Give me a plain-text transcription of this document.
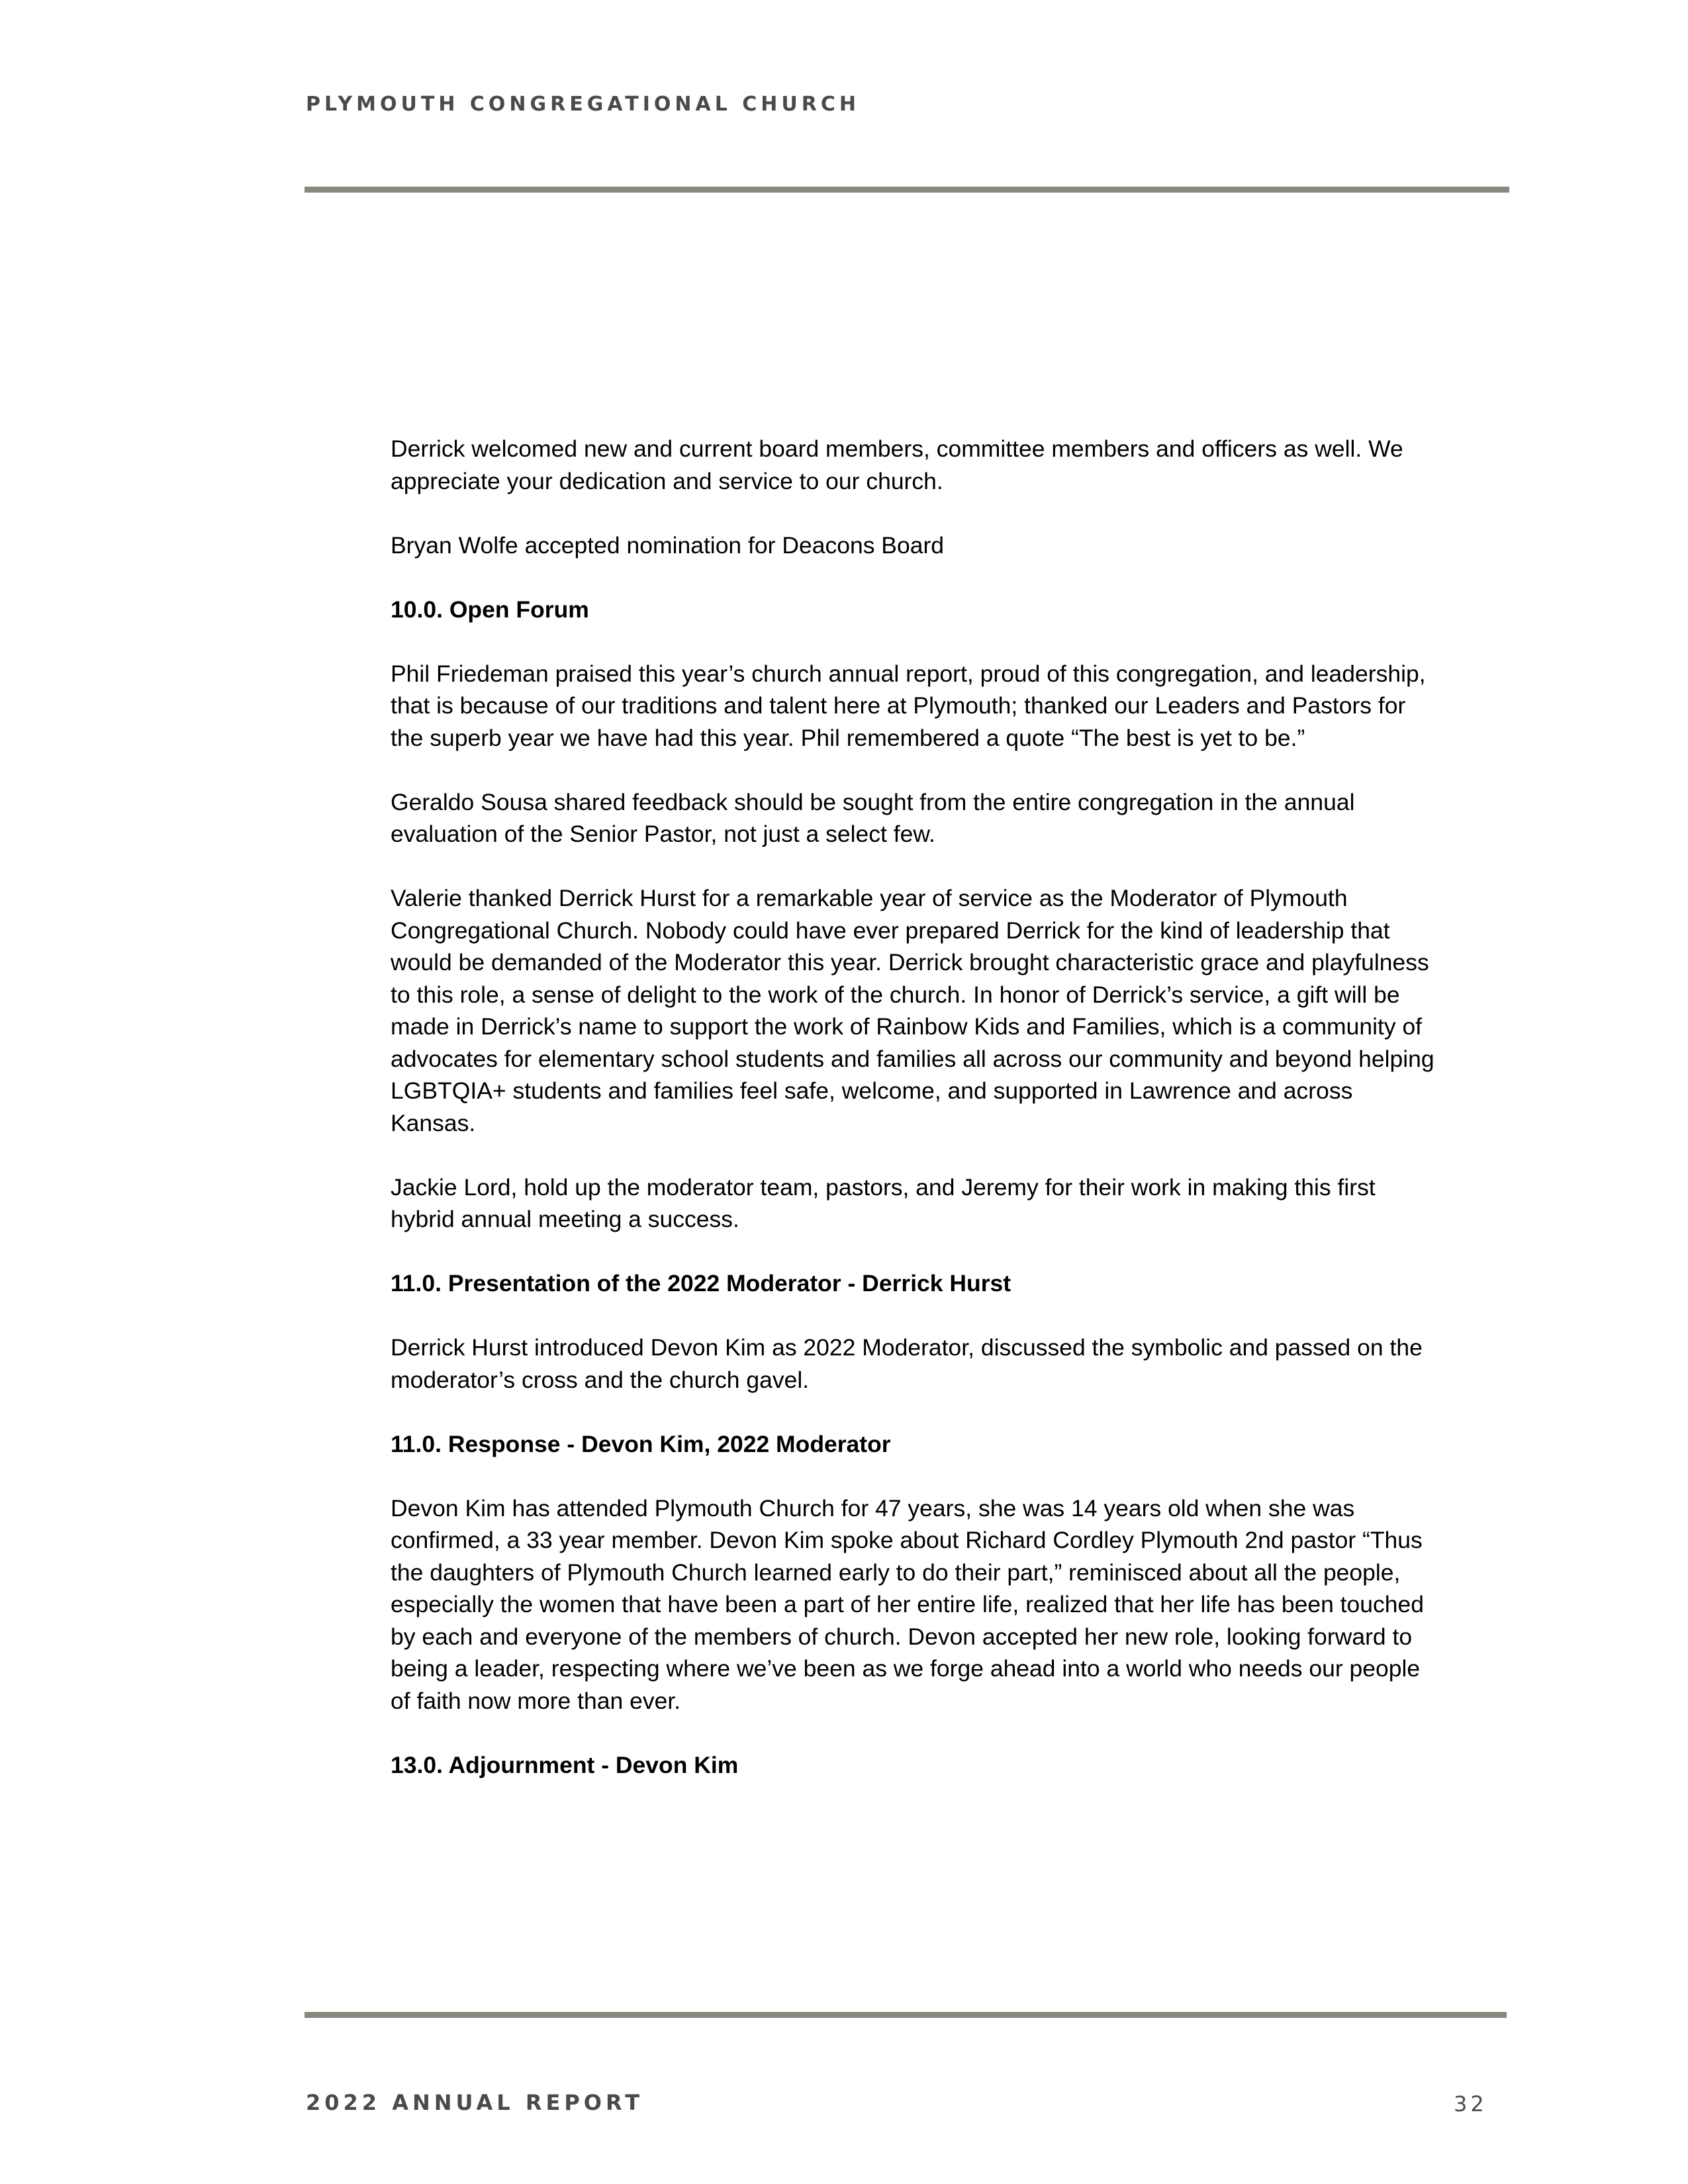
PLYMOUTH CONGREGATIONAL CHURCH

Derrick welcomed new and current board members, committee members and officers as well. We appreciate your dedication and service to our church.

Bryan Wolfe accepted nomination for Deacons Board

10.0. Open Forum

Phil Friedeman praised this year’s church annual report, proud of this congregation, and leadership, that is because of our traditions and talent here at Plymouth; thanked our Leaders and Pastors for the superb year we have had this year. Phil remembered a quote “The best is yet to be.”

Geraldo Sousa shared feedback should be sought from the entire congregation in the annual evaluation of the Senior Pastor, not just a select few.

Valerie thanked Derrick Hurst for a remarkable year of service as the Moderator of Plymouth Congregational Church. Nobody could have ever prepared Derrick for the kind of leadership that would be demanded of the Moderator this year. Derrick brought characteristic grace and playfulness to this role, a sense of delight to the work of the church. In honor of Derrick’s service, a gift will be made in Derrick’s name to support the work of Rainbow Kids and Families, which is a community of advocates for elementary school students and families all across our community and beyond helping LGBTQIA+ students and families feel safe, welcome, and supported in Lawrence and across Kansas.

Jackie Lord, hold up the moderator team, pastors, and Jeremy for their work in making this first hybrid annual meeting a success.

11.0. Presentation of the 2022 Moderator - Derrick Hurst

Derrick Hurst introduced Devon Kim as 2022 Moderator, discussed the symbolic and passed on the moderator’s cross and the church gavel.

11.0. Response - Devon Kim, 2022 Moderator

Devon Kim has attended Plymouth Church for 47 years, she was 14 years old when she was confirmed, a 33 year member. Devon Kim spoke about Richard Cordley Plymouth 2nd pastor “Thus the daughters of Plymouth Church learned early to do their part,” reminisced about all the people, especially the women that have been a part of her entire life, realized that her life has been touched by each and everyone of the members of church. Devon accepted her new role, looking forward to being a leader, respecting where we’ve been as we forge ahead into a world who needs our people of faith now more than ever.

13.0. Adjournment - Devon Kim

2022 ANNUAL REPORT	32
